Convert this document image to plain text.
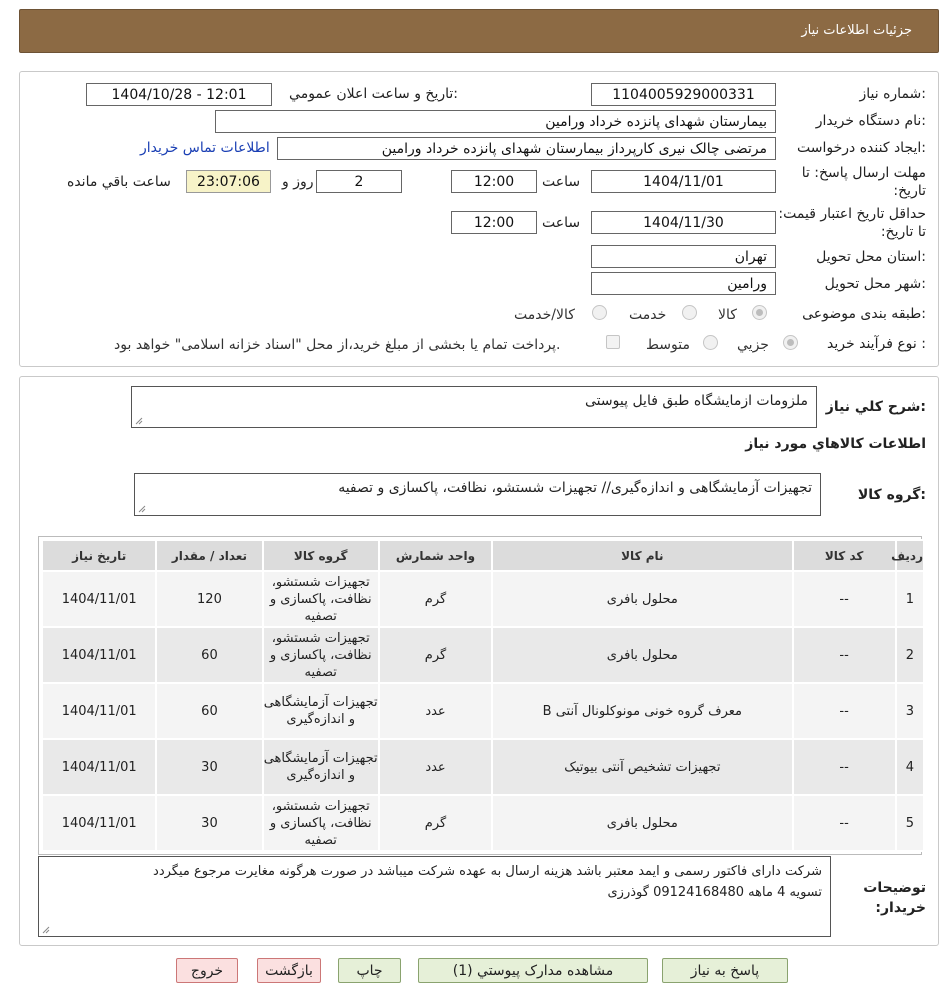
جزئیات اطلاعات نیاز
شماره نیاز:
1104005929000331
تاریخ و ساعت اعلان عمومي:
1404/10/28 - 12:01
نام دستگاه خریدار:
بیمارستان شهدای پانزده خرداد ورامین
ایجاد کننده درخواست:
مرتضی چالک نیری کارپرداز بیمارستان شهدای پانزده خرداد ورامین
اطلاعات تماس خریدار
مهلت ارسال پاسخ: تا تاریخ:
1404/11/01
ساعت
12:00
2
روز و
23:07:06
ساعت باقي مانده
حداقل تاریخ اعتبار قیمت: تا تاریخ:
1404/11/30
ساعت
12:00
استان محل تحویل:
تهران
شهر محل تحویل:
ورامین
طبقه بندی موضوعی:
کالا
خدمت
کالا/خدمت
نوع فرآیند خرید :
جزیي
متوسط
پرداخت تمام یا بخشی از مبلغ خرید،از محل "اسناد خزانه اسلامی" خواهد بود.
شرح کلي نیاز:
ملزومات ازمایشگاه طبق فایل پیوستی
اطلاعات کالاهاي مورد نیاز
گروه کالا:
تجهیزات آزمایشگاهی و اندازه‌گیری// تجهیزات شستشو، نظافت، پاکسازی و تصفیه
ردیف	کد کالا	نام کالا	واحد شمارش	گروه کالا	تعداد / مقدار	تاریخ نیاز
1	--	محلول بافری	گرم	تجهیزات شستشو، نظافت، پاکسازی و تصفیه	120	1404/11/01
2	--	محلول بافری	گرم	تجهیزات شستشو، نظافت، پاکسازی و تصفیه	60	1404/11/01
3	--	معرف گروه خونی مونوکلونال آنتی B	عدد	تجهیزات آزمایشگاهی و اندازه‌گیری	60	1404/11/01
4	--	تجهیزات تشخیص آنتی بیوتیک	عدد	تجهیزات آزمایشگاهی و اندازه‌گیری	30	1404/11/01
5	--	محلول بافری	گرم	تجهیزات شستشو، نظافت، پاکسازی و تصفیه	30	1404/11/01
توضیحات خریدار:
شرکت دارای فاکتور رسمی و ایمد معتبر باشد هزینه ارسال به عهده شرکت میباشد در صورت هرگونه مغایرت مرجوع میگردد
تسویه 4 ماهه 09124168480 گوذرزی
پاسخ به نیاز
مشاهده مدارک پیوستي (1)
چاپ
بازگشت
خروج
